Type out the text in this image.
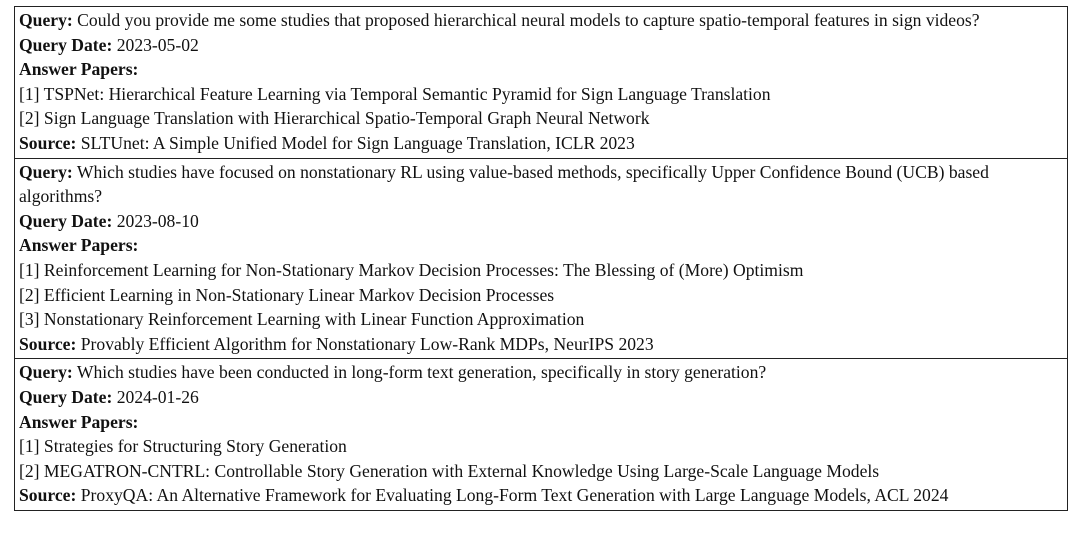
Query: Could you provide me some studies that proposed hierarchical neural models to capture spatio-temporal features in sign videos?
Query Date: 2023-05-02
Answer Papers:
[1] TSPNet: Hierarchical Feature Learning via Temporal Semantic Pyramid for Sign Language Translation
[2] Sign Language Translation with Hierarchical Spatio-Temporal Graph Neural Network
Source: SLTUnet: A Simple Unified Model for Sign Language Translation, ICLR 2023
Query: Which studies have focused on nonstationary RL using value-based methods, specifically Upper Confidence Bound (UCB) based algorithms?
Query Date: 2023-08-10
Answer Papers:
[1] Reinforcement Learning for Non-Stationary Markov Decision Processes: The Blessing of (More) Optimism
[2] Efficient Learning in Non-Stationary Linear Markov Decision Processes
[3] Nonstationary Reinforcement Learning with Linear Function Approximation
Source: Provably Efficient Algorithm for Nonstationary Low-Rank MDPs, NeurIPS 2023
Query: Which studies have been conducted in long-form text generation, specifically in story generation?
Query Date: 2024-01-26
Answer Papers:
[1] Strategies for Structuring Story Generation
[2] MEGATRON-CNTRL: Controllable Story Generation with External Knowledge Using Large-Scale Language Models
Source: ProxyQA: An Alternative Framework for Evaluating Long-Form Text Generation with Large Language Models, ACL 2024
